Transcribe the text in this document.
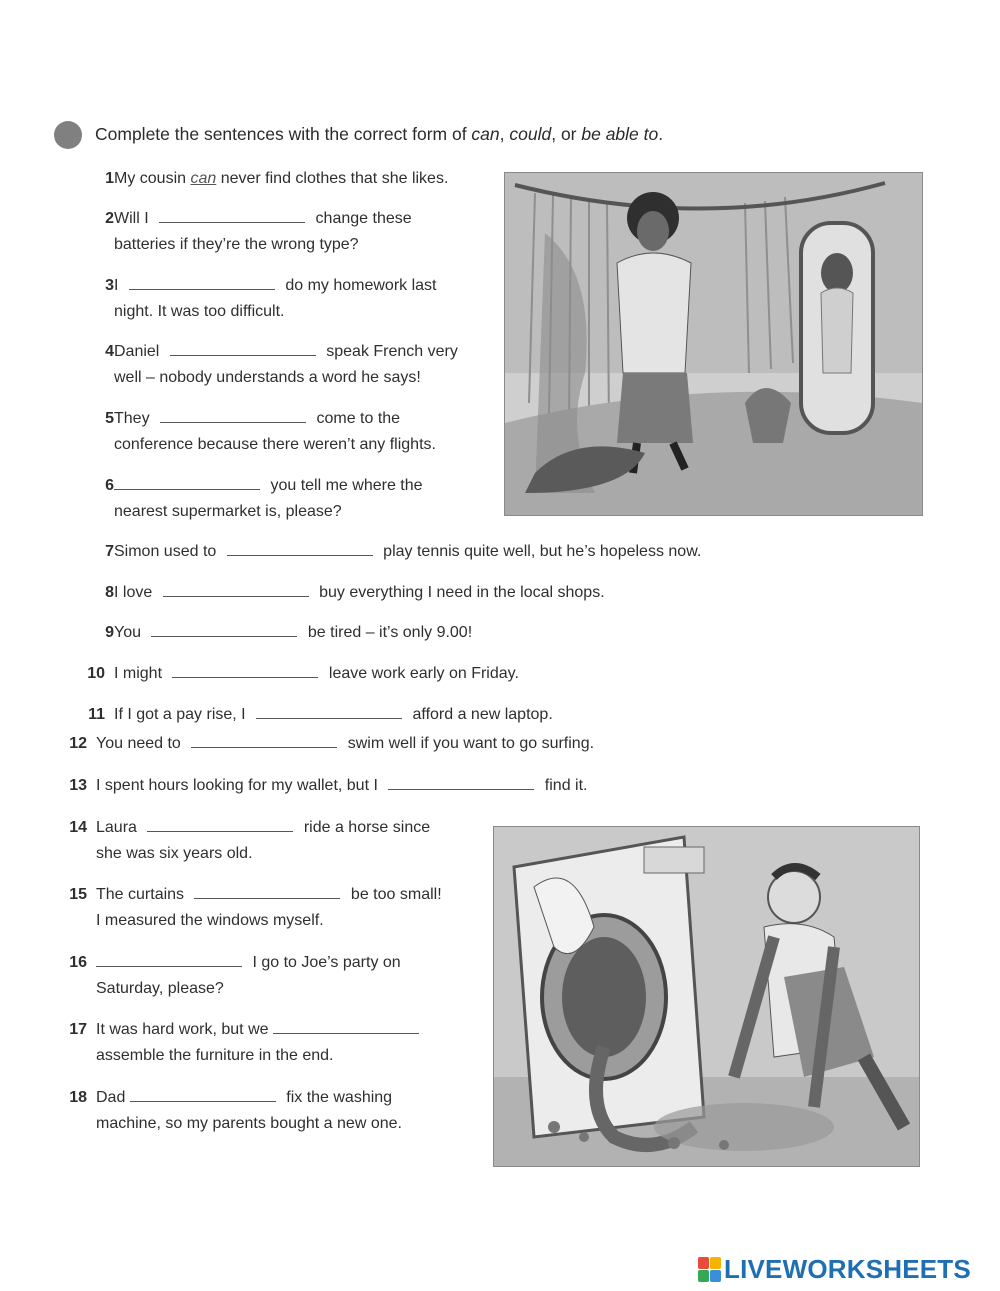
Complete the sentences with the correct form of can, could, or be able to.
1 My cousin can never find clothes that she likes.
2 Will I	change these
batteries if they’re the wrong type?
3 I	do my homework last
night. It was too difficult.
4 Daniel	speak French very
well – nobody understands a word he says!
5 They	come to the
conference because there weren’t any flights.
6	you tell me where the
nearest supermarket is, please?
7 Simon used to	play tennis quite well, but he’s hopeless now.
8 I love	buy everything I need in the local shops.
9 You	be tired – it’s only 9.00!
10 I might	leave work early on Friday.
11 If I got a pay rise, I	afford a new laptop.
12 You need to	swim well if you want to go surfing.
13 I spent hours looking for my wallet, but I	find it.
14 Laura	ride a horse since
she was six years old.
15 The curtains	be too small!
I measured the windows myself.
16	I go to Joe’s party on
Saturday, please?
17 It was hard work, but we
assemble the furniture in the end.
18 Dad	fix the washing
machine, so my parents bought a new one.
LIVEWORKSHEETS
